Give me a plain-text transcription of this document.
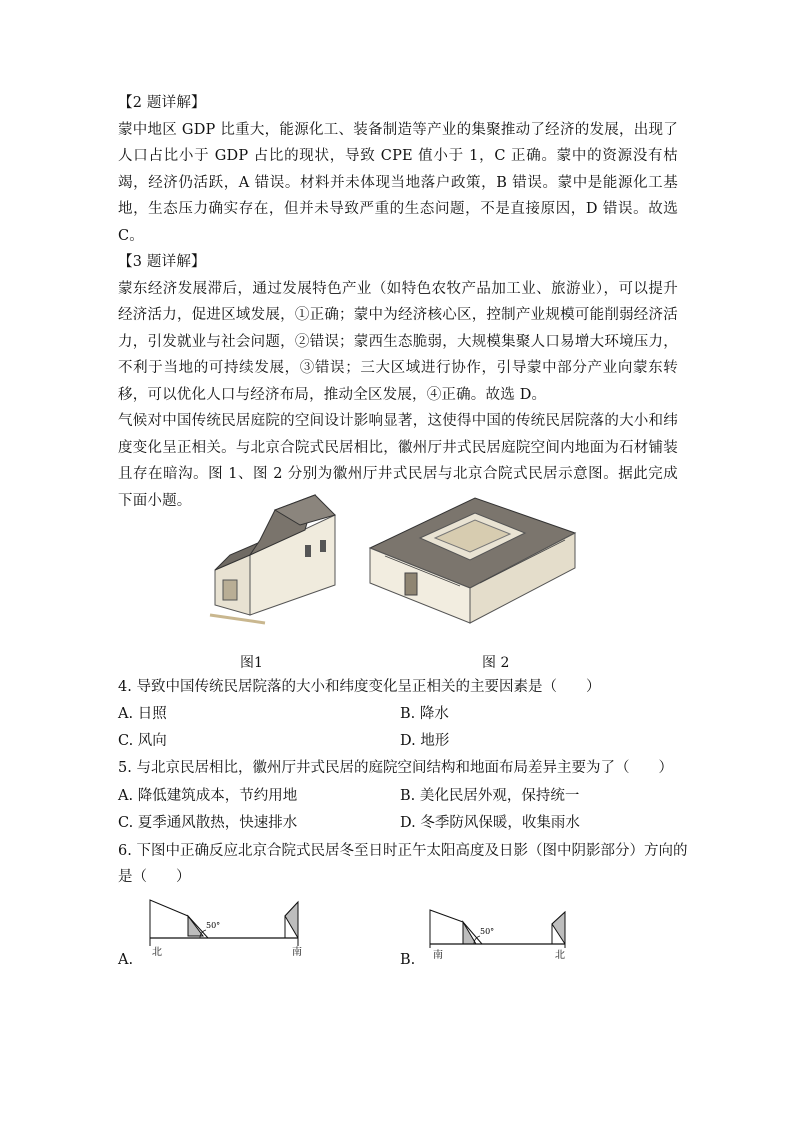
【2 题详解】

蒙中地区 GDP 比重大，能源化工、装备制造等产业的集聚推动了经济的发展，出现了人口占比小于 GDP 占比的现状，导致 CPE 值小于 1，C 正确。蒙中的资源没有枯竭，经济仍活跃，A 错误。材料并未体现当地落户政策，B 错误。蒙中是能源化工基地，生态压力确实存在，但并未导致严重的生态问题，不是直接原因，D 错误。故选 C。

【3 题详解】

蒙东经济发展滞后，通过发展特色产业（如特色农牧产品加工业、旅游业），可以提升经济活力，促进区域发展，①正确；蒙中为经济核心区，控制产业规模可能削弱经济活力，引发就业与社会问题，②错误；蒙西生态脆弱，大规模集聚人口易增大环境压力，不利于当地的可持续发展，③错误；三大区域进行协作，引导蒙中部分产业向蒙东转移，可以优化人口与经济布局，推动全区发展，④正确。故选 D。

气候对中国传统民居庭院的空间设计影响显著，这使得中国的传统民居院落的大小和纬度变化呈正相关。与北京合院式民居相比，徽州厅井式民居庭院空间内地面为石材铺装且存在暗沟。图 1、图 2 分别为徽州厅井式民居与北京合院式民居示意图。据此完成下面小题。

图1	图 2
4. 导致中国传统民居院落的大小和纬度变化呈正相关的主要因素是（　　）
A. 日照	B. 降水
C. 风向	D. 地形
5. 与北京民居相比，徽州厅井式民居的庭院空间结构和地面布局差异主要为了（　　）
A. 降低建筑成本，节约用地	B. 美化民居外观，保持统一
C. 夏季通风散热，快速排水	D. 冬季防风保暖，收集雨水
6. 下图中正确反应北京合院式民居冬至日时正午太阳高度及日影（图中阴影部分）方向的
是（　　）
A.
50°
北	南	B.
50°
南	北
